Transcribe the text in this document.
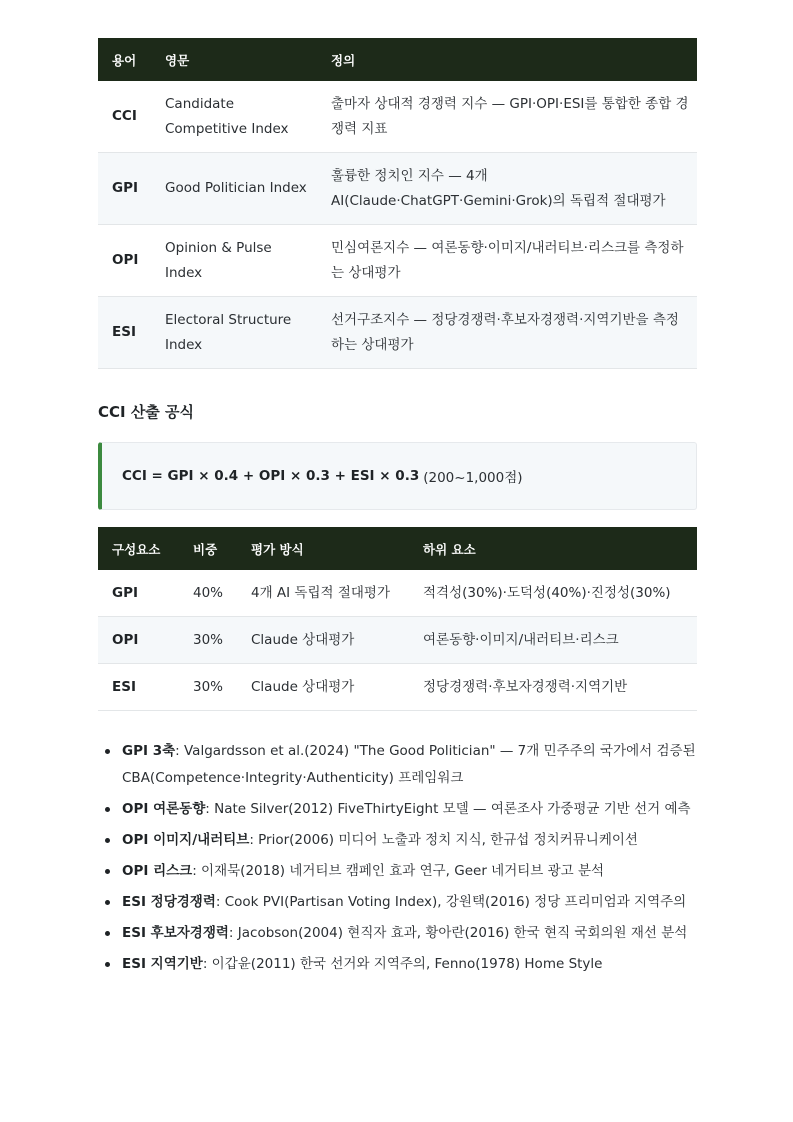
용어	영문	정의
CCI	Candidate Competitive Index	출마자 상대적 경쟁력 지수 — GPI·OPI·ESI를 통합한 종합 경쟁력 지표
GPI	Good Politician Index	훌륭한 정치인 지수 — 4개 AI(Claude·ChatGPT·Gemini·Grok)의 독립적 절대평가
OPI	Opinion & Pulse Index	민심여론지수 — 여론동향·이미지/내러티브·리스크를 측정하는 상대평가
ESI	Electoral Structure Index	선거구조지수 — 정당경쟁력·후보자경쟁력·지역기반을 측정하는 상대평가
CCI 산출 공식
CCI = GPI × 0.4 + OPI × 0.3 + ESI × 0.3 (200~1,000점)
구성요소	비중	평가 방식	하위 요소
GPI	40%	4개 AI 독립적 절대평가	적격성(30%)·도덕성(40%)·진정성(30%)
OPI	30%	Claude 상대평가	여론동향·이미지/내러티브·리스크
ESI	30%	Claude 상대평가	정당경쟁력·후보자경쟁력·지역기반
GPI 3축: Valgardsson et al.(2024) "The Good Politician" — 7개 민주주의 국가에서 검증된 CBA(Competence·Integrity·Authenticity) 프레임워크
OPI 여론동향: Nate Silver(2012) FiveThirtyEight 모델 — 여론조사 가중평균 기반 선거 예측
OPI 이미지/내러티브: Prior(2006) 미디어 노출과 정치 지식, 한규섭 정치커뮤니케이션
OPI 리스크: 이재묵(2018) 네거티브 캠페인 효과 연구, Geer 네거티브 광고 분석
ESI 정당경쟁력: Cook PVI(Partisan Voting Index), 강원택(2016) 정당 프리미엄과 지역주의
ESI 후보자경쟁력: Jacobson(2004) 현직자 효과, 황아란(2016) 한국 현직 국회의원 재선 분석
ESI 지역기반: 이갑윤(2011) 한국 선거와 지역주의, Fenno(1978) Home Style
